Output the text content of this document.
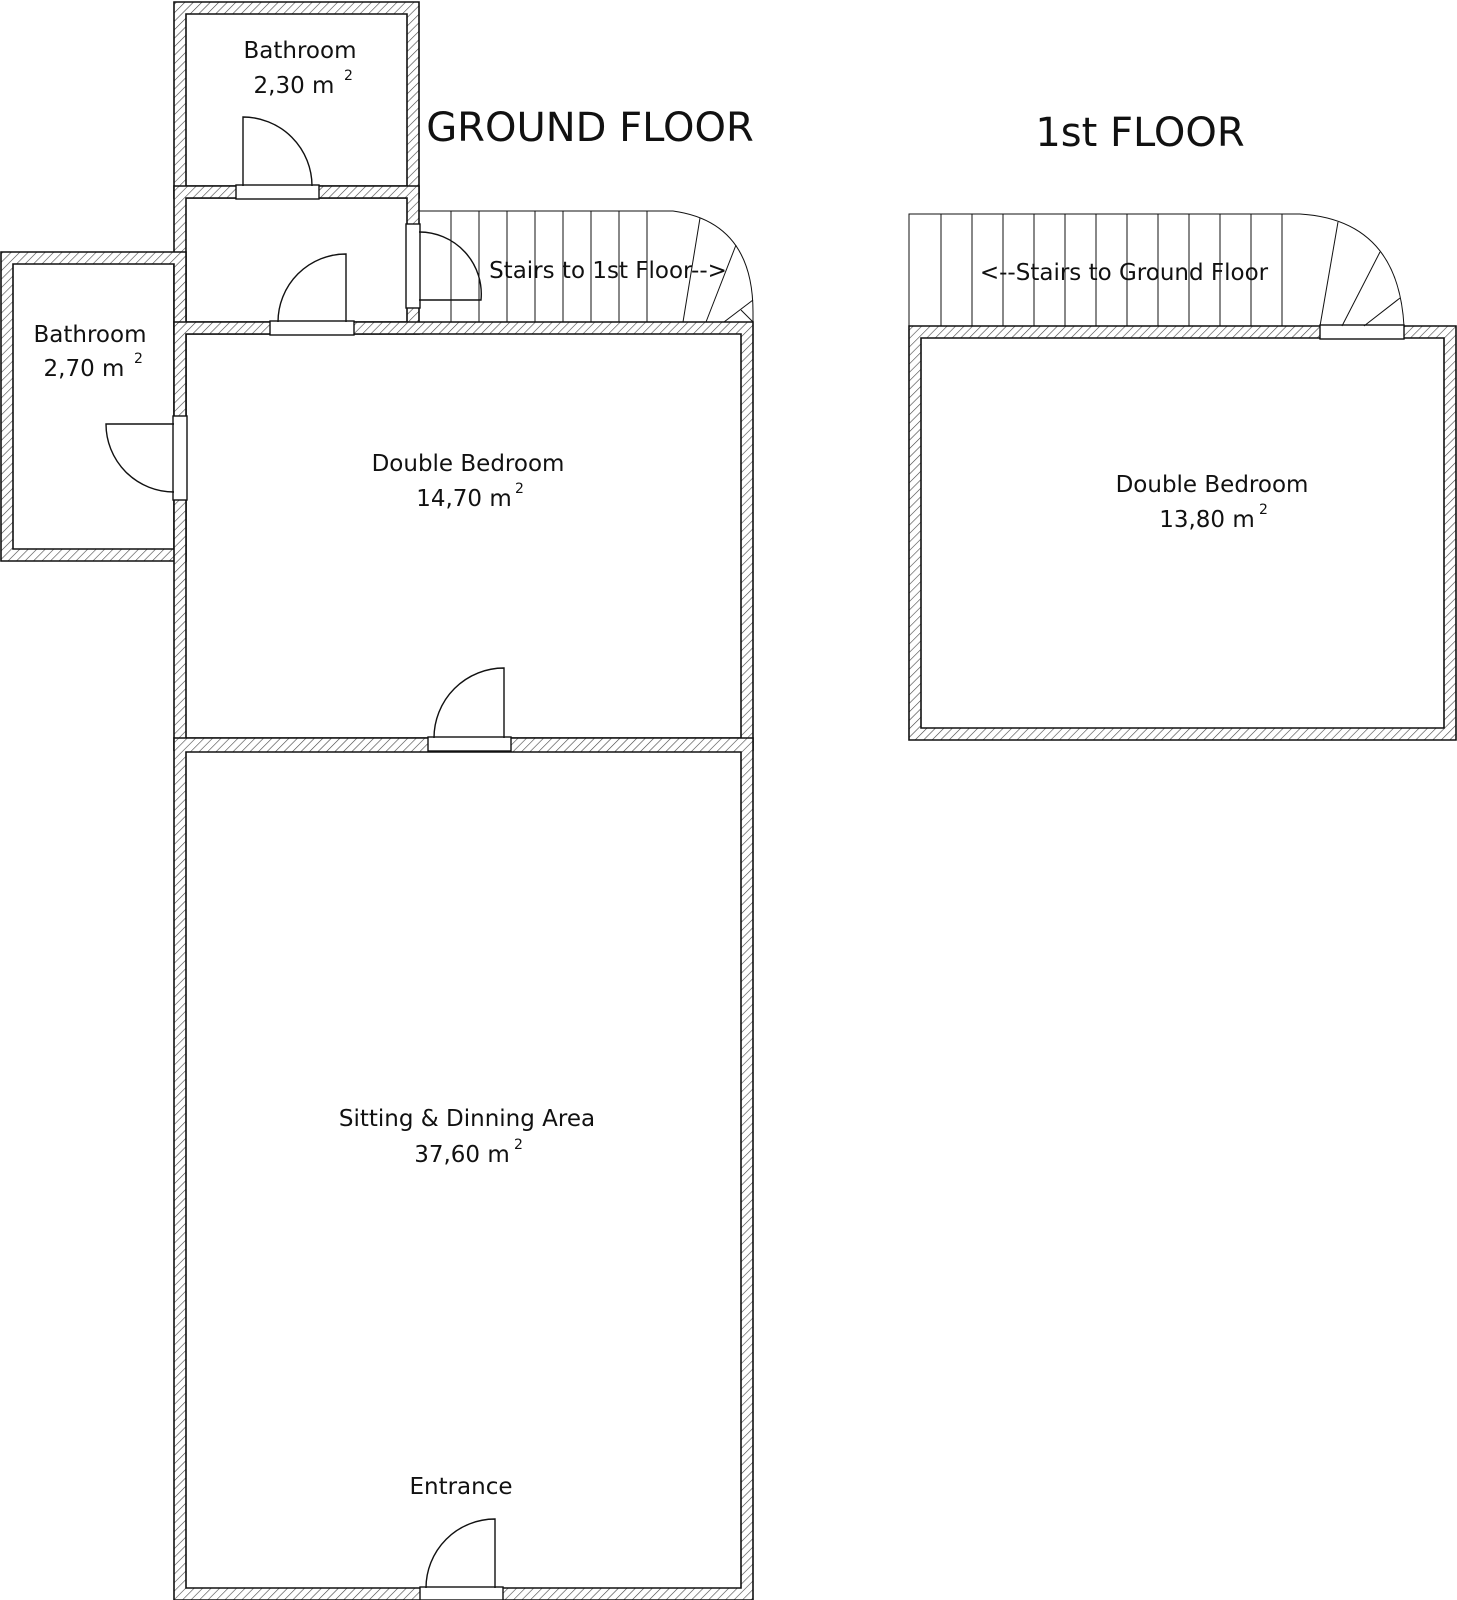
GROUND FLOOR	1st FLOOR
Bathroom
2,30 m 2
Bathroom
2,70 m 2
Stairs to 1st Floor-->
Double Bedroom
14,70 m 2
Sitting & Dinning Area
37,60 m 2
Entrance
<--Stairs to Ground Floor
Double Bedroom
13,80 m 2
